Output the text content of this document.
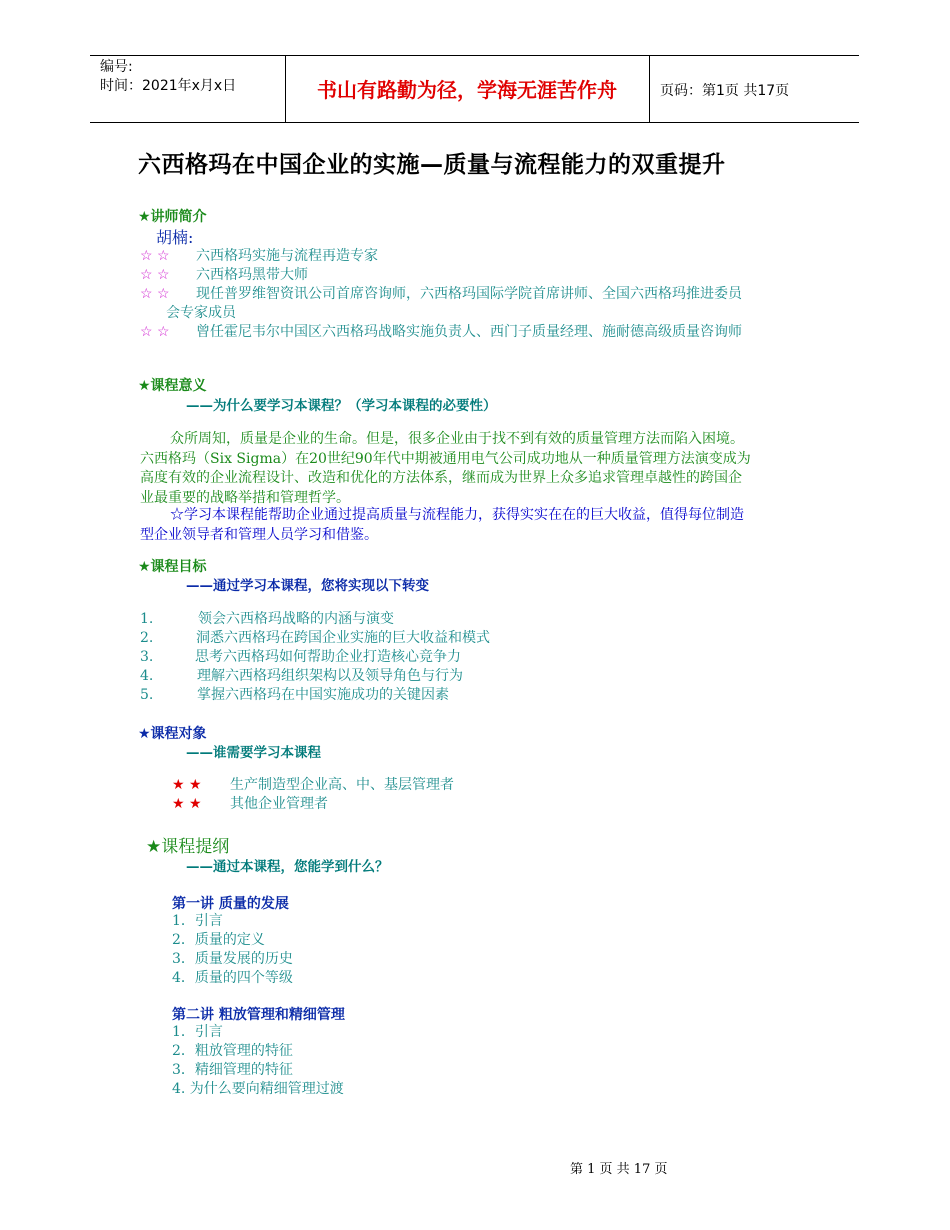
编号:
时间：2021年x月x日	书山有路勤为径，学海无涯苦作舟	页码：第1页 共17页
六西格玛在中国企业的实施—质量与流程能力的双重提升
★讲师简介
胡楠:
☆ ☆ 六西格玛实施与流程再造专家
☆ ☆ 六西格玛黑带大师
☆ ☆ 现任普罗维智资讯公司首席咨询师，六西格玛国际学院首席讲师、全国六西格玛推进委员
会专家成员
☆ ☆ 曾任霍尼韦尔中国区六西格玛战略实施负责人、西门子质量经理、施耐德高级质量咨询师
★课程意义
——为什么要学习本课程？（学习本课程的必要性）
众所周知，质量是企业的生命。但是，很多企业由于找不到有效的质量管理方法而陷入困境。
六西格玛（Six Sigma）在20世纪90年代中期被通用电气公司成功地从一种质量管理方法演变成为
高度有效的企业流程设计、改造和优化的方法体系，继而成为世界上众多追求管理卓越性的跨国企
业最重要的战略举措和管理哲学。
☆学习本课程能帮助企业通过提高质量与流程能力，获得实实在在的巨大收益，值得每位制造
型企业领导者和管理人员学习和借鉴。
★课程目标
——通过学习本课程，您将实现以下转变
1.	领会六西格玛战略的内涵与演变
2.	洞悉六西格玛在跨国企业实施的巨大收益和模式
3.	思考六西格玛如何帮助企业打造核心竞争力
4.	理解六西格玛组织架构以及领导角色与行为
5.	掌握六西格玛在中国实施成功的关键因素
★课程对象
——谁需要学习本课程
★ ★ 生产制造型企业高、中、基层管理者
★ ★ 其他企业管理者
★课程提纲
——通过本课程，您能学到什么？
第一讲 质量的发展
1．引言
2．质量的定义
3．质量发展的历史
4．质量的四个等级
第二讲 粗放管理和精细管理
1．引言
2．粗放管理的特征
3．精细管理的特征
4. 为什么要向精细管理过渡
第 1 页 共 17 页
